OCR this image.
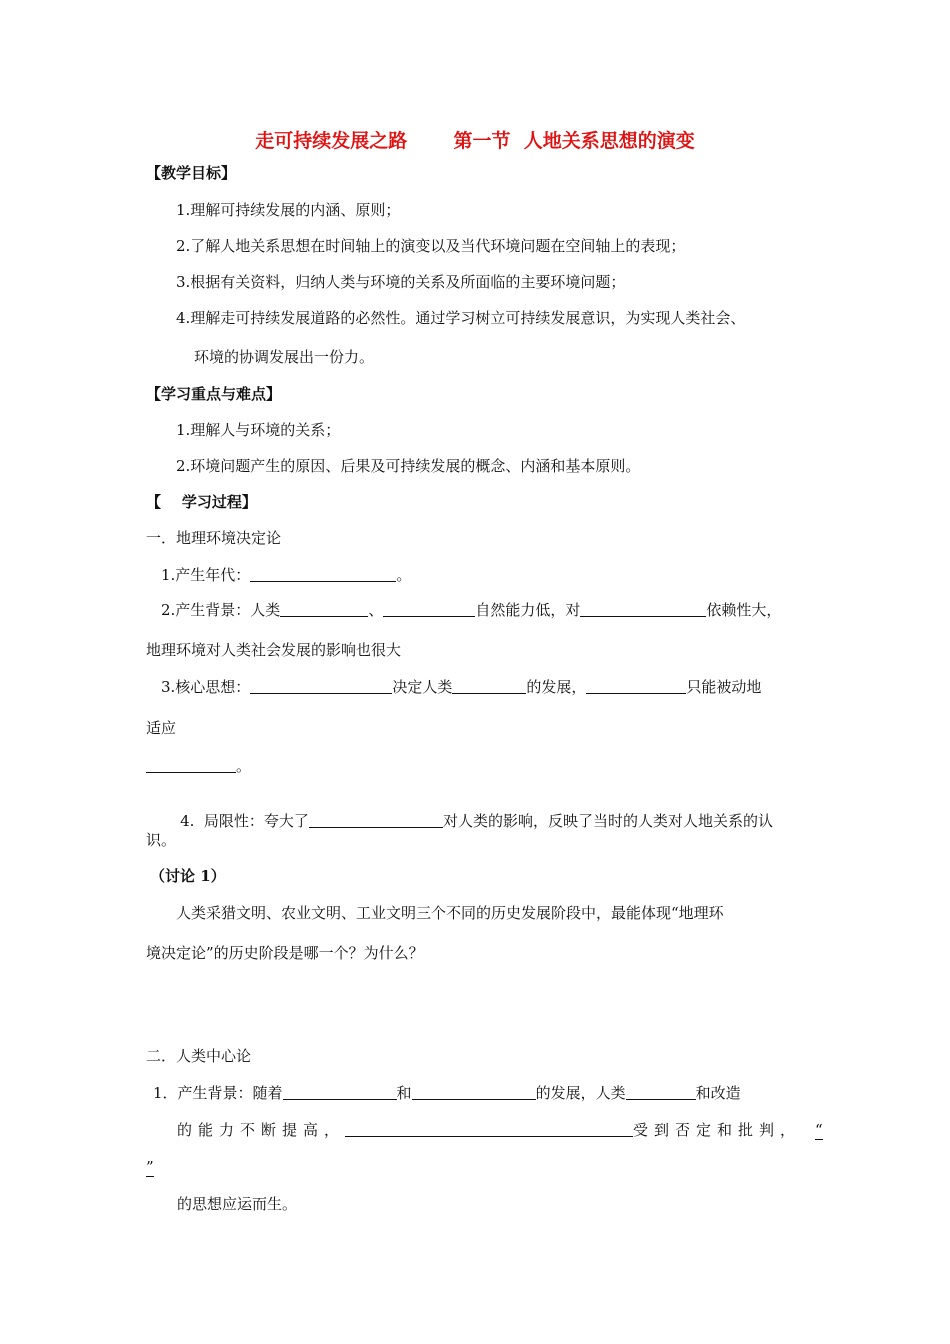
走可持续发展之路 第一节  人地关系思想的演变
【教学目标】
1.理解可持续发展的内涵、原则；
2.了解人地关系思想在时间轴上的演变以及当代环境问题在空间轴上的表现；
3.根据有关资料，归纳人类与环境的关系及所面临的主要环境问题；
4.理解走可持续发展道路的必然性。通过学习树立可持续发展意识，为实现人类社会、
环境的协调发展出一份力。
【学习重点与难点】
1.理解人与环境的关系；
2.环境问题产生的原因、后果及可持续发展的概念、内涵和基本原则。
【    学习过程】
一．地理环境决定论
1.产生年代：	。
2.产生背景：人类	、	自然能力低，对	依赖性大，
地理环境对人类社会发展的影响也很大
3.核心思想：	决定人类	的发展，	只能被动地
适应
。

4.  局限性：夸大了	对人类的影响，反映了当时的人类对人地关系的认

识。
（讨论 1）
人类采猎文明、农业文明、工业文明三个不同的历史发展阶段中，最能体现“地理环
境决定论”的历史阶段是哪一个？为什么？
二．人类中心论
1．产生背景：随着	和	的发展，人类	和改造
的能力不断提高，	受到否定和批判， “
”
的思想应运而生。
